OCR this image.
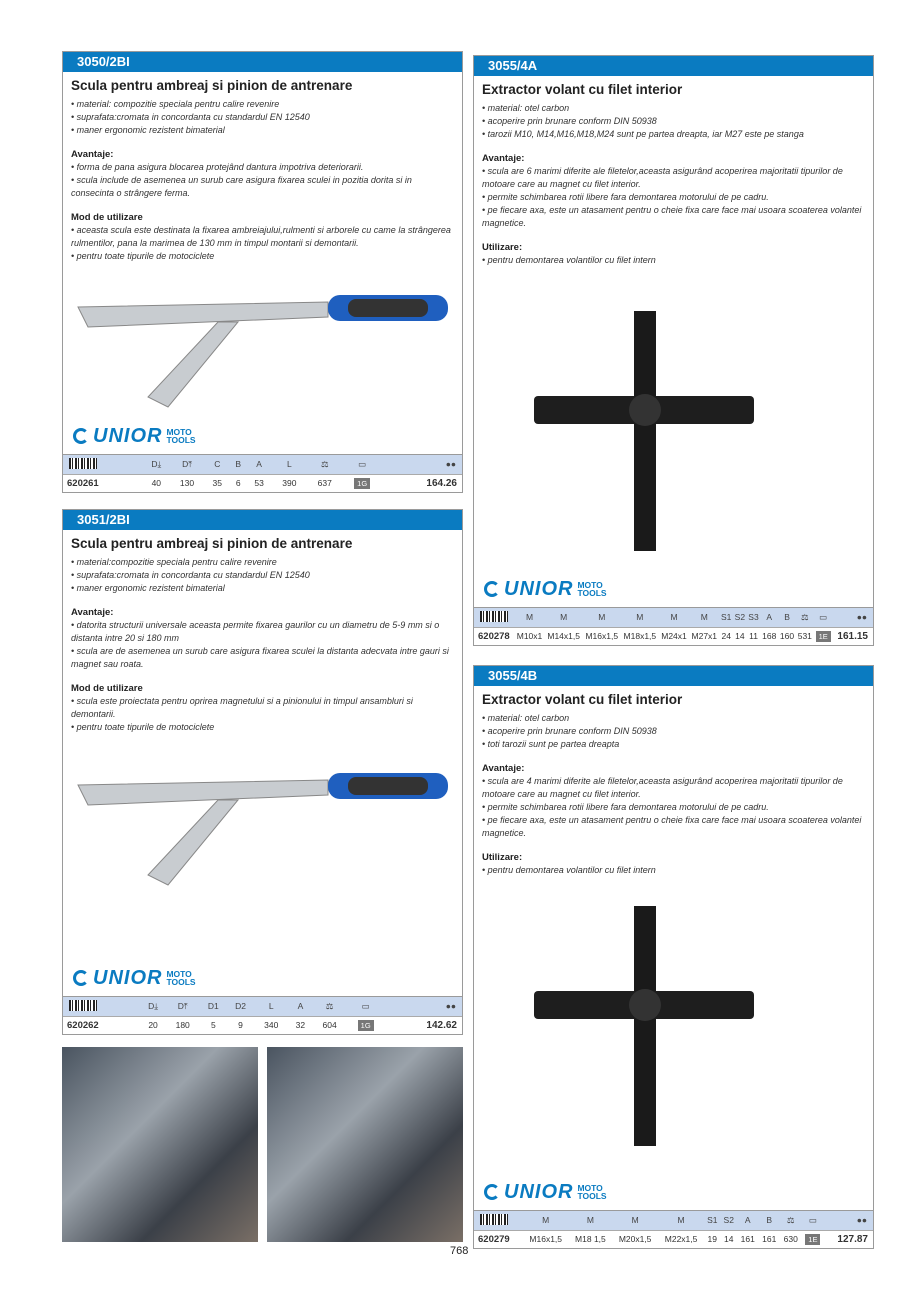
3050/2BI
Scula pentru ambreaj si pinion de antrenare
• material: compozitie speciala pentru calire revenire
• suprafata:cromata in concordanta cu standardul EN 12540
• maner ergonomic rezistent bimaterial
Avantaje:
• forma de pana asigura blocarea protejând dantura impotriva deteriorarii.
• scula include de asemenea un surub care asigura fixarea sculei in pozitia dorita si in consecinta o strângere ferma.
Mod de utilizare
• aceasta scula este destinata la fixarea ambreiajului,rulmenti si arborele cu came la strângerea rulmentilor, pana la marimea de 130 mm in timpul montarii si demontarii.
• pentru toate tipurile de motociclete
UNIOR MOTO
TOOLS
	D⤓	D⤒	C	B	A	L	⚖	▭	●●
620261	40	130	35	6	53	390	637	1G	164.26
3051/2BI
Scula pentru ambreaj si pinion de antrenare
• material:compozitie speciala pentru calire revenire
• suprafata:cromata in concordanta cu standardul EN 12540
• maner ergonomic rezistent bimaterial
Avantaje:
• datorita structurii universale aceasta permite fixarea gaurilor cu un diametru de 5-9 mm si o distanta intre 20 si 180 mm
• scula are de asemenea un surub care asigura fixarea sculei la distanta adecvata intre gauri si magnet sau roata.
Mod de utilizare
• scula este proiectata pentru oprirea magnetului si a pinionului in timpul ansambluri si demontarii.
• pentru toate tipurile de motociclete
UNIOR MOTO
TOOLS
	D⤓	D⤒	D1	D2	L	A	⚖	▭	●●
620262	20	180	5	9	340	32	604	1G	142.62
3055/4A
Extractor volant cu filet interior
• material: otel carbon
• acoperire prin brunare conform DIN 50938
• tarozii M10, M14,M16,M18,M24 sunt pe partea dreapta, iar M27 este pe stanga
Avantaje:
• scula are 6 marimi diferite ale filetelor,aceasta asigurând acoperirea majoritatii tipurilor de motoare care au magnet cu filet interior.
• permite schimbarea rotii libere fara demontarea motorului de pe cadru.
• pe fiecare axa, este un atasament pentru o cheie fixa care face mai usoara scoaterea volantei magnetice.
Utilizare:
• pentru demontarea volantilor cu filet intern
UNIOR MOTO
TOOLS
	M	M	M	M	M	M	S1	S2	S3	A	B	⚖	▭	●●
620278	M10x1	M14x1,5	M16x1,5	M18x1,5	M24x1	M27x1	24	14	11	168	160	531	1E	161.15
3055/4B
Extractor volant cu filet interior
• material: otel carbon
• acoperire prin brunare conform DIN 50938
• toti tarozii sunt pe partea dreapta
Avantaje:
• scula are 4 marimi diferite ale filetelor,aceasta asigurând acoperirea majoritatii tipurilor de motoare care au magnet cu filet interior.
• permite schimbarea rotii libere fara demontarea motorului de pe cadru.
• pe fiecare axa, este un atasament pentru o cheie fixa care face mai usoara scoaterea volantei magnetice.
Utilizare:
• pentru demontarea volantilor cu filet intern
UNIOR MOTO
TOOLS
	M	M	M	M	S1	S2	A	B	⚖	▭	●●
620279	M16x1,5	M18 1,5	M20x1,5	M22x1,5	19	14	161	161	630	1E	127.87
768
